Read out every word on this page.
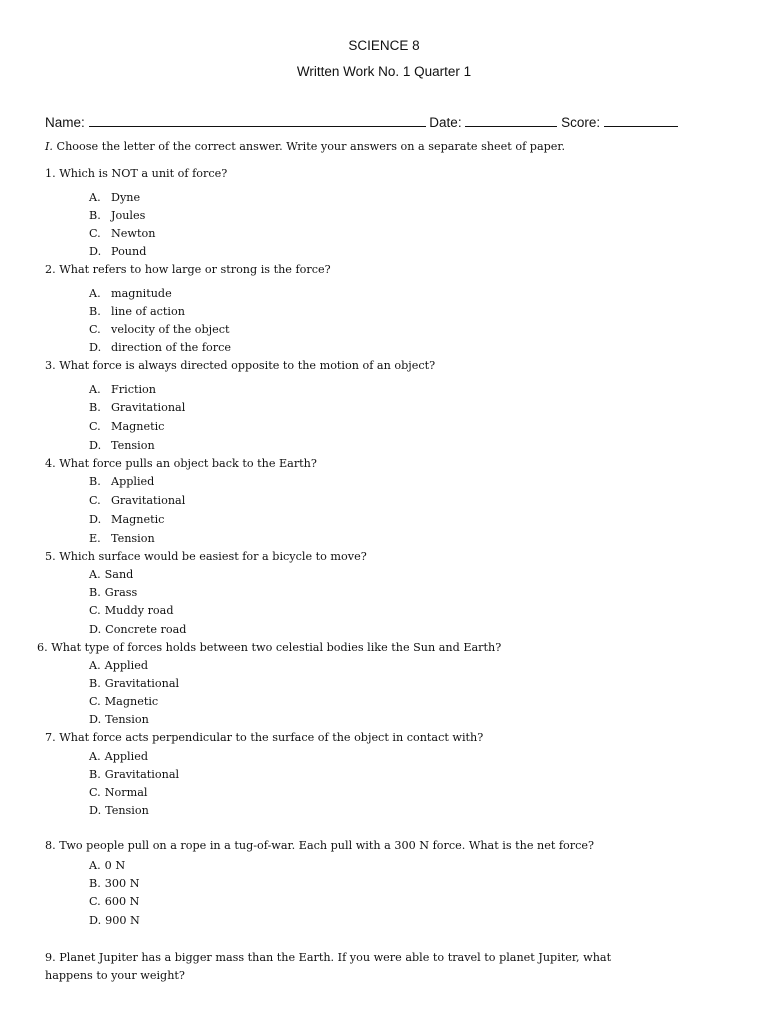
SCIENCE 8
Written Work No. 1 Quarter 1
Name:	Date:	Score:
I. Choose the letter of the correct answer. Write your answers on a separate sheet of paper.
1. Which is NOT a unit of force?
A. Dyne
B. Joules
C. Newton
D. Pound
2. What refers to how large or strong is the force?
A. magnitude
B. line of action
C. velocity of the object
D. direction of the force
3. What force is always directed opposite to the motion of an object?
A. Friction
B. Gravitational
C. Magnetic
D. Tension
4. What force pulls an object back to the Earth?
B. Applied
C. Gravitational
D. Magnetic
E. Tension
5. Which surface would be easiest for a bicycle to move?
A. Sand
B. Grass
C. Muddy road
D. Concrete road
6. What type of forces holds between two celestial bodies like the Sun and Earth?
A. Applied
B. Gravitational
C. Magnetic
D. Tension
7. What force acts perpendicular to the surface of the object in contact with?
A. Applied
B. Gravitational
C. Normal
D. Tension
8. Two people pull on a rope in a tug-of-war. Each pull with a 300 N force. What is the net force?
A. 0 N
B. 300 N
C. 600 N
D. 900 N
9. Planet Jupiter has a bigger mass than the Earth. If you were able to travel to planet Jupiter, what
happens to your weight?
